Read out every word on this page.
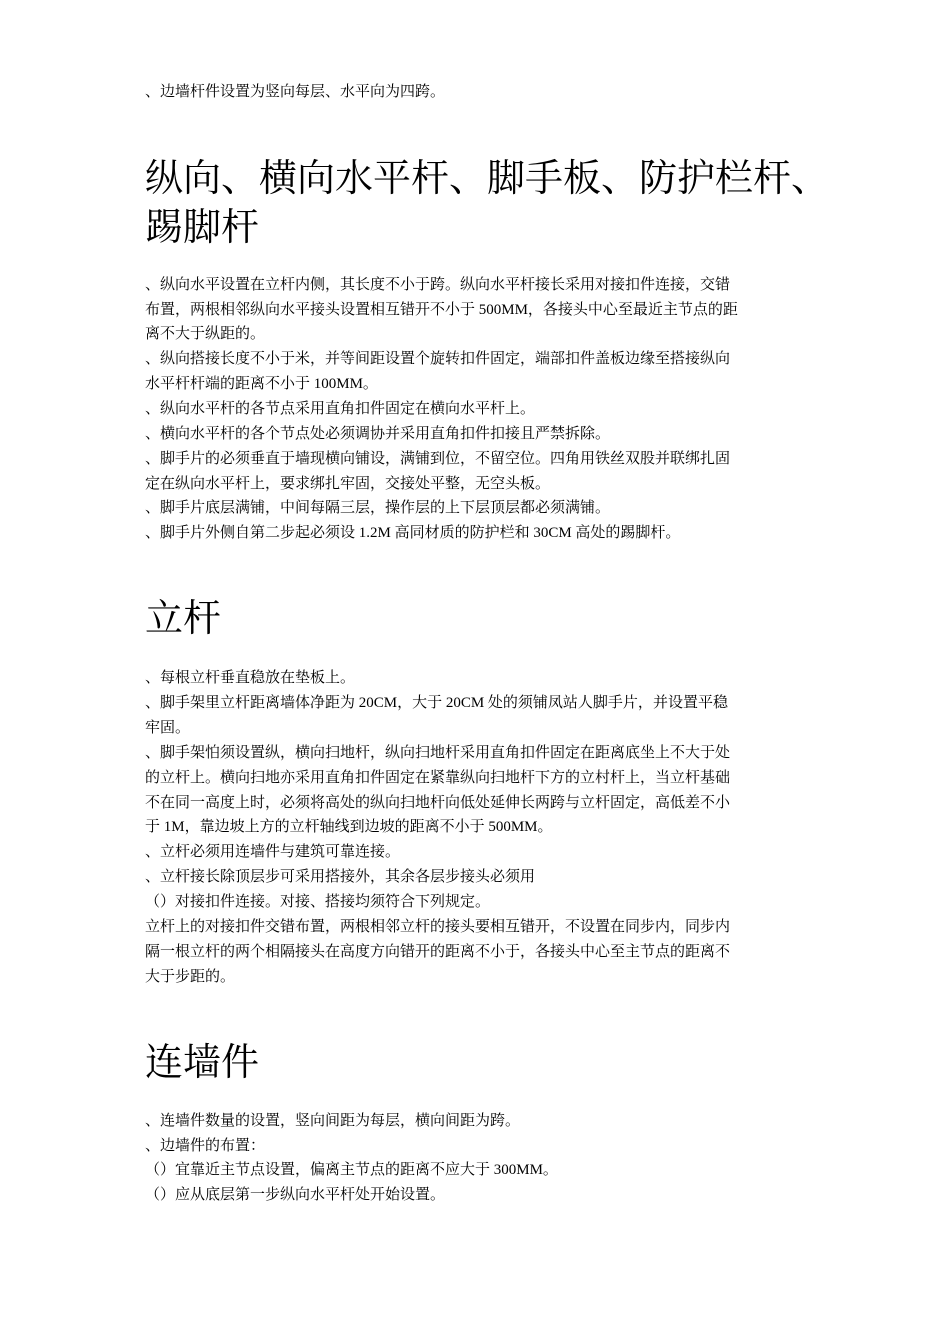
、边墙杆件设置为竖向每层、水平向为四跨。
纵向、横向水平杆、脚手板、防护栏杆、
踢脚杆
、纵向水平设置在立杆内侧，其长度不小于跨。纵向水平杆接长采用对接扣件连接，交错
布置，两根相邻纵向水平接头设置相互错开不小于 500MM，各接头中心至最近主节点的距
离不大于纵距的。
、纵向搭接长度不小于米，并等间距设置个旋转扣件固定，端部扣件盖板边缘至搭接纵向
水平杆杆端的距离不小于 100MM。
、纵向水平杆的各节点采用直角扣件固定在横向水平杆上。
、横向水平杆的各个节点处必须调协并采用直角扣件扣接且严禁拆除。
、脚手片的必须垂直于墙现横向铺设，满铺到位，不留空位。四角用铁丝双股并联绑扎固
定在纵向水平杆上，要求绑扎牢固，交接处平整，无空头板。
、脚手片底层满铺，中间每隔三层，操作层的上下层顶层都必须满铺。
、脚手片外侧自第二步起必须设 1.2M 高同材质的防护栏和 30CM 高处的踢脚杆。
立杆
、每根立杆垂直稳放在垫板上。
、脚手架里立杆距离墙体净距为 20CM，大于 20CM 处的须铺凤站人脚手片，并设置平稳
牢固。
、脚手架怕须设置纵，横向扫地杆，纵向扫地杆采用直角扣件固定在距离底坐上不大于处
的立杆上。横向扫地亦采用直角扣件固定在紧靠纵向扫地杆下方的立村杆上，当立杆基础
不在同一高度上时，必须将高处的纵向扫地杆向低处延伸长两跨与立杆固定，高低差不小
于 1M，靠边坡上方的立杆轴线到边坡的距离不小于 500MM。
、立杆必须用连墙件与建筑可靠连接。
、立杆接长除顶层步可采用搭接外，其余各层步接头必须用
（）对接扣件连接。对接、搭接均须符合下列规定。
立杆上的对接扣件交错布置，两根相邻立杆的接头要相互错开，不设置在同步内，同步内
隔一根立杆的两个相隔接头在高度方向错开的距离不小于，各接头中心至主节点的距离不
大于步距的。
连墙件
、连墙件数量的设置，竖向间距为每层，横向间距为跨。
、边墙件的布置：
（）宜靠近主节点设置，偏离主节点的距离不应大于 300MM。
（）应从底层第一步纵向水平杆处开始设置。
